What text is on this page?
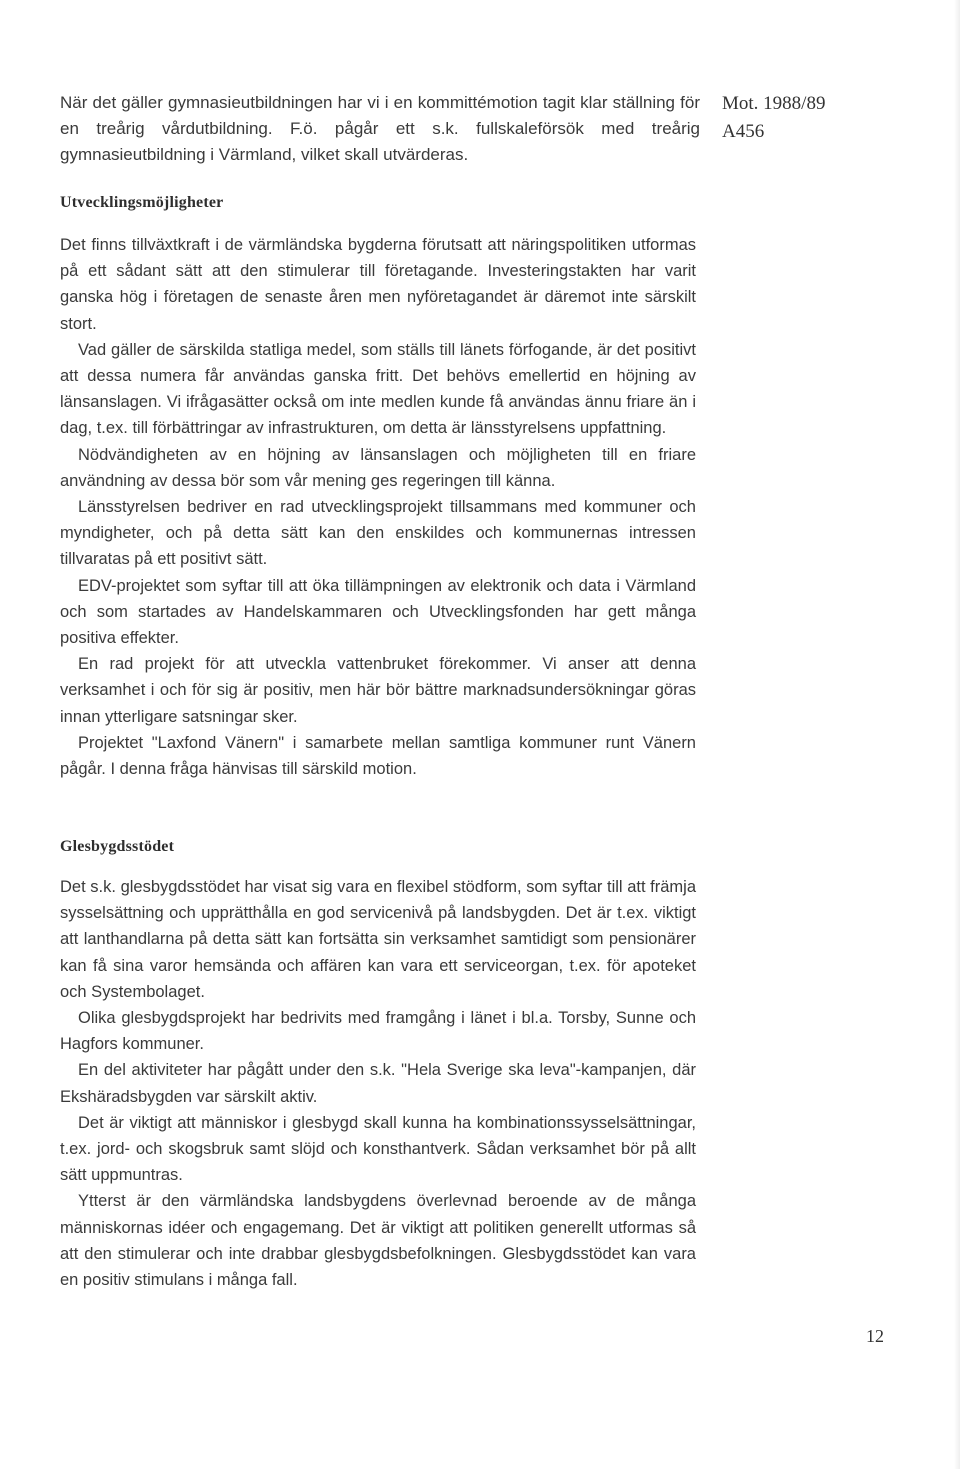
När det gäller gymnasieutbildningen har vi i en kommittémotion tagit klar ställning för en treårig vårdutbildning. F.ö. pågår ett s.k. fullskaleförsök med treårig gymnasieutbildning i Värmland, vilket skall utvärderas.
Mot. 1988/89
A456
Utvecklingsmöjligheter

Det finns tillväxtkraft i de värmländska bygderna förutsatt att näringspolitiken utformas på ett sådant sätt att den stimulerar till företagande. Investeringstakten har varit ganska hög i företagen de senaste åren men nyföretagandet är däremot inte särskilt stort.

Vad gäller de särskilda statliga medel, som ställs till länets förfogande, är det positivt att dessa numera får användas ganska fritt. Det behövs emellertid en höjning av länsanslagen. Vi ifrågasätter också om inte medlen kunde få användas ännu friare än i dag, t.ex. till förbättringar av infrastrukturen, om detta är länsstyrelsens uppfattning.

Nödvändigheten av en höjning av länsanslagen och möjligheten till en friare användning av dessa bör som vår mening ges regeringen till känna.

Länsstyrelsen bedriver en rad utvecklingsprojekt tillsammans med kommuner och myndigheter, och på detta sätt kan den enskildes och kommunernas intressen tillvaratas på ett positivt sätt.

EDV-projektet som syftar till att öka tillämpningen av elektronik och data i Värmland och som startades av Handelskammaren och Utvecklingsfonden har gett många positiva effekter.

En rad projekt för att utveckla vattenbruket förekommer. Vi anser att denna verksamhet i och för sig är positiv, men här bör bättre marknadsundersökningar göras innan ytterligare satsningar sker.

Projektet "Laxfond Vänern" i samarbete mellan samtliga kommuner runt Vänern pågår. I denna fråga hänvisas till särskild motion.

Glesbygdsstödet

Det s.k. glesbygdsstödet har visat sig vara en flexibel stödform, som syftar till att främja sysselsättning och upprätthålla en god servicenivå på landsbygden. Det är t.ex. viktigt att lanthandlarna på detta sätt kan fortsätta sin verksamhet samtidigt som pensionärer kan få sina varor hemsända och affären kan vara ett serviceorgan, t.ex. för apoteket och Systembolaget.

Olika glesbygdsprojekt har bedrivits med framgång i länet i bl.a. Torsby, Sunne och Hagfors kommuner.

En del aktiviteter har pågått under den s.k. "Hela Sverige ska leva"-kampanjen, där Ekshäradsbygden var särskilt aktiv.

Det är viktigt att människor i glesbygd skall kunna ha kombinationssysselsättningar, t.ex. jord- och skogsbruk samt slöjd och konsthantverk. Sådan verksamhet bör på allt sätt uppmuntras.

Ytterst är den värmländska landsbygdens överlevnad beroende av de många människornas idéer och engagemang. Det är viktigt att politiken generellt utformas så att den stimulerar och inte drabbar glesbygdsbefolkningen. Glesbygdsstödet kan vara en positiv stimulans i många fall.

12
